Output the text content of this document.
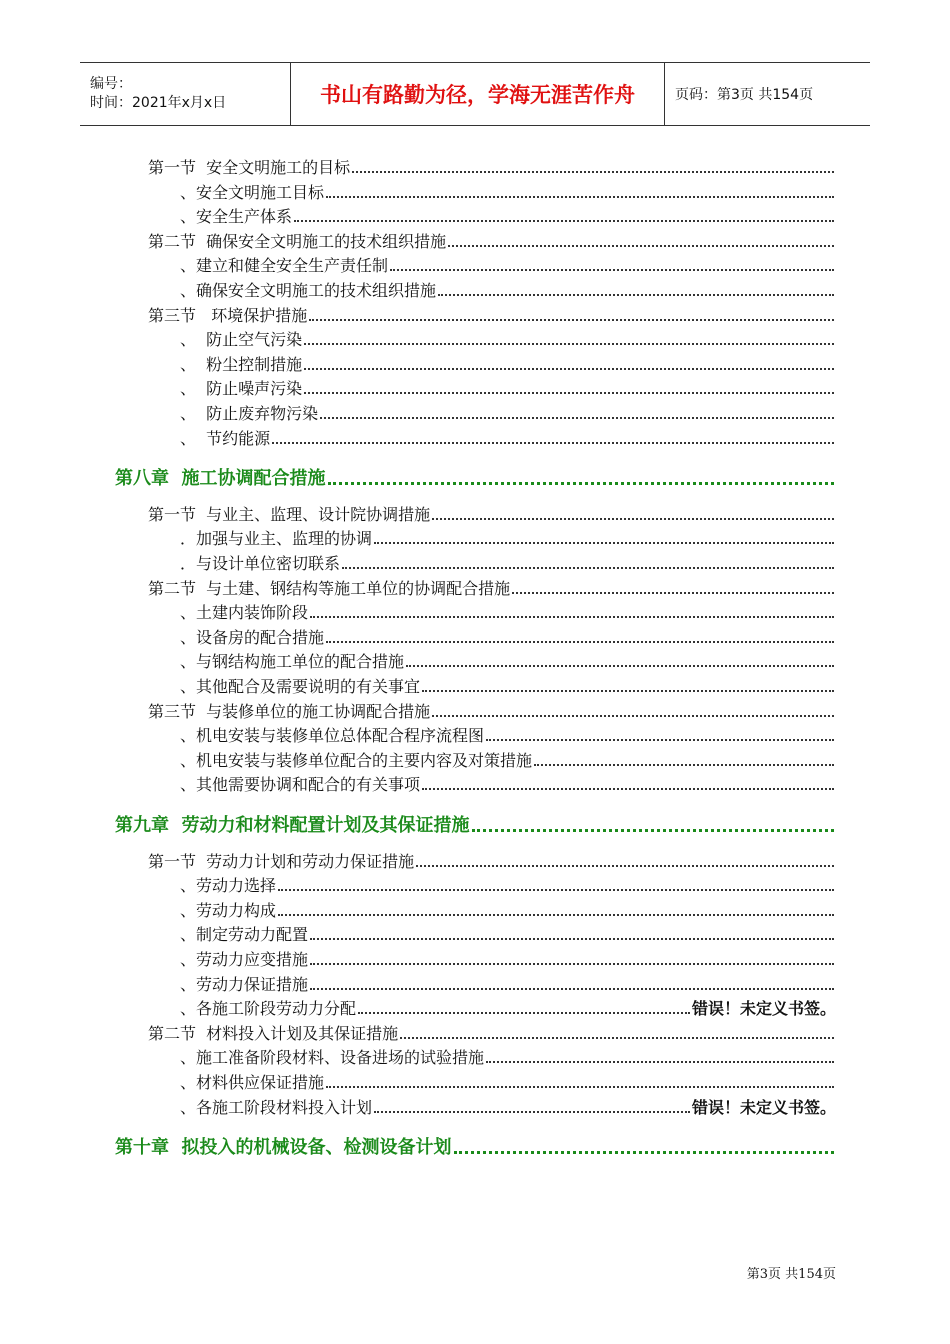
编号：
时间：2021年x月x日	书山有路勤为径，学海无涯苦作舟	页码：第3页 共154页
第一节  安全文明施工的目标
、安全文明施工目标
、安全生产体系
第二节  确保安全文明施工的技术组织措施
、建立和健全安全生产责任制
、确保安全文明施工的技术组织措施
第三节   环境保护措施
、  防止空气污染
、  粉尘控制措施
、  防止噪声污染
、  防止废弃物污染
、  节约能源
第八章  施工协调配合措施
第一节  与业主、监理、设计院协调措施
．加强与业主、监理的协调
．与设计单位密切联系
第二节  与土建、钢结构等施工单位的协调配合措施
、土建内装饰阶段
、设备房的配合措施
、与钢结构施工单位的配合措施
、其他配合及需要说明的有关事宜
第三节  与装修单位的施工协调配合措施
、机电安装与装修单位总体配合程序流程图
、机电安装与装修单位配合的主要内容及对策措施
、其他需要协调和配合的有关事项
第九章  劳动力和材料配置计划及其保证措施
第一节  劳动力计划和劳动力保证措施
、劳动力选择
、劳动力构成
、制定劳动力配置
、劳动力应变措施
、劳动力保证措施
、各施工阶段劳动力分配	错误！未定义书签。
第二节  材料投入计划及其保证措施
、施工准备阶段材料、设备进场的试验措施
、材料供应保证措施
、各施工阶段材料投入计划	错误！未定义书签。
第十章  拟投入的机械设备、检测设备计划
第3页 共154页
